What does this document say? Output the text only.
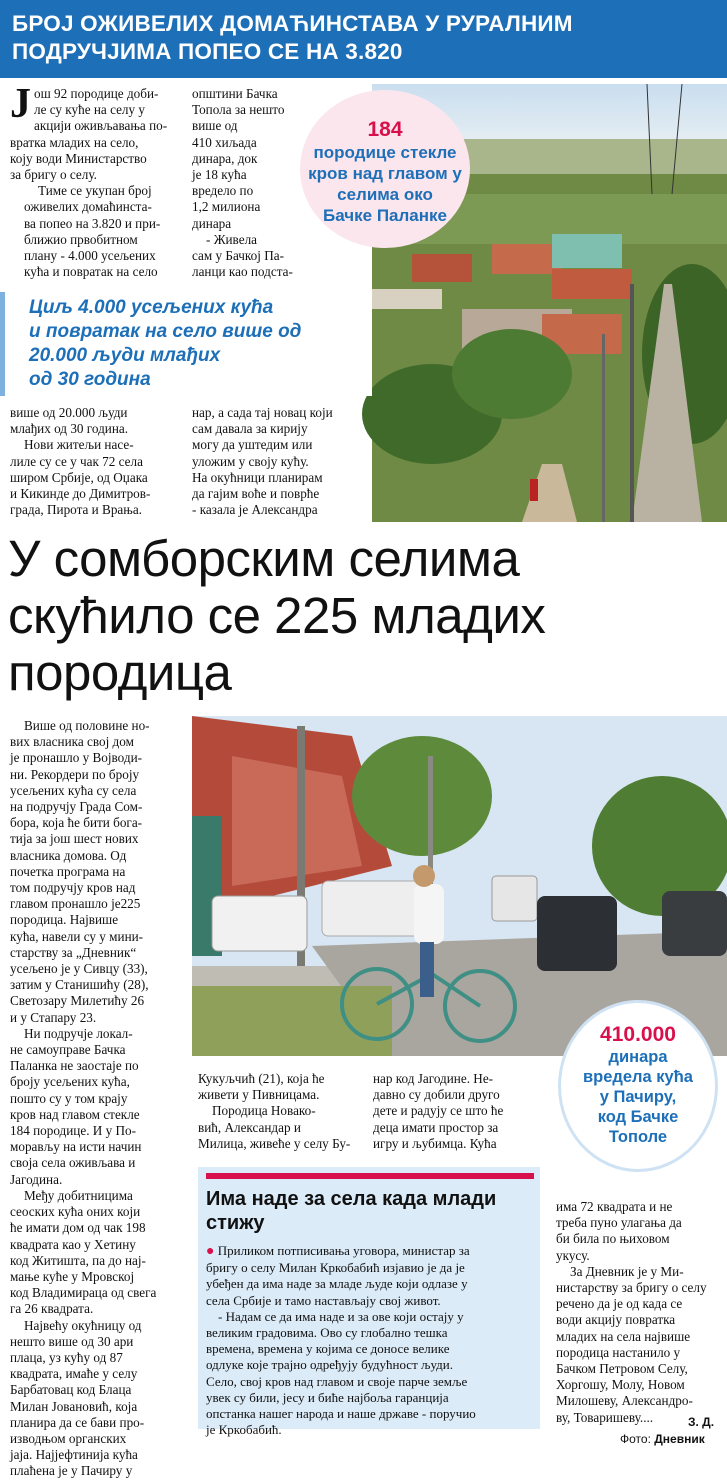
БРОЈ ОЖИВЕЛИХ ДОМАЋИНСТАВА У РУРАЛНИМ
ПОДРУЧЈИМА ПОПЕО СЕ НА 3.820
184
породице стекле
кров над главом у
селима око
Бачке Паланке

Ј ош 92 породице доби-
ле су куће на селу у
акцији оживљавања по-
вратка младих на село,
коју води Министарство
за бригу о селу.

Тиме се укупан број
оживелих домаћинста-
ва попео на 3.820 и при-
ближио првобитном
плану - 4.000 усељених
кућа и повратак на село

општини Бачка
Топола за нешто
више од
410 хиљада
динара, док
је 18 кућа
вредело по
1,2 милиона
динара
- Живела
сам у Бачкој Па-
ланци као подста-
Циљ 4.000 усељених кућа
и повратак на село више од
20.000 људи млађих
од 30 година
више од 20.000 људи
млађих од 30 година.
Нови житељи насе-
лиле су се у чак 72 села
широм Србије, од Оџака
и Кикинде до Димитров-
града, Пирота и Врања.
нар, а сада тај новац који
сам давала за кирију
могу да уштедим или
уложим у своју кућу.
На окућници планирам
да гајим воће и поврће
- казала је Александра
У сомборским селима
скућило се 225 младих
породица
Више од половине но-
вих власника свој дом
је пронашло у Војводи-
ни. Рекордери по броју
усељених кућа су села
на подручју Града Сом-
бора, која ће бити бога-
тија за још шест нових
власника домова. Од
почетка програма на
том подручју кров над
главом пронашло је225
породица. Највише
кућа, навели су у мини-
старству за „Дневник“
усељено је у Сивцу (33),
затим у Станишићу (28),
Светозару Милетићу 26
и у Стапару 23.
Ни подручје локал-
не самоуправе Бачка
Паланка не заостаје по
броју усељених кућа,
пошто су у том крају
кров над главом стекле
184 породице. И у По-
морављу на исти начин
своја села оживљава и
Јагодина.
Међу добитницима
сеоских кућа оних који
ће имати дом од чак 198
квадрата као у Хетину
код Житишта, па до нај-
мање куће у Мровској
код Владимираца од свега
га 26 квадрата.
Највећу окућницу од
нешто више од 30 ари
плаца, уз кућу од 87
квадрата, имаће у селу
Барбатовац код Блаца
Милан Јовановић, која
планира да се бави про-
изводњом органских
јаја. Најјефтинија кућа
плаћена је у Пачиру у
Кукуљчић (21), која ће
живети у Пивницама.
Породица Новако-
вић, Александар и
Милица, живеће у селу Бу-
нар код Јагодине. Не-
давно су добили друго
дете и радују се што ће
деца имати простор за
игру и љубимца. Кућа
410.000
динара
вредела кућа
у Пачиру,
код Бачке
Тополе
Има наде за села када млади
стижу
● Приликом потписивања уговора, министар за
бригу о селу Милан Кркобабић изјавио је да је
убеђен да има наде за младе људе који одлазе у
села Србије и тамо настављају свој живот.
- Надам се да има наде и за ове који остају у
великим градовима. Ово су глобално тешка
времена, времена у којима се доносе велике
одлуке које трајно одређују будућност људи.
Село, свој кров над главом и своје парче земље
увек су били, јесу и биће најбоља гаранција
опстанка нашег народа и наше државе - поручио
је Кркобабић.
има 72 квадрата и не
треба пуно улагања да
би била по њиховом
укусу.
За Дневник је у Ми-
нистарству за бригу о селу
речено да је од када се
води акцију повратка
младих на села највише
породица настанило у
Бачком Петровом Селу,
Хоргошу, Молу, Новом
Милошеву, Александро-
ву, Товаришеву....	З. Д.
Фото: Дневник
